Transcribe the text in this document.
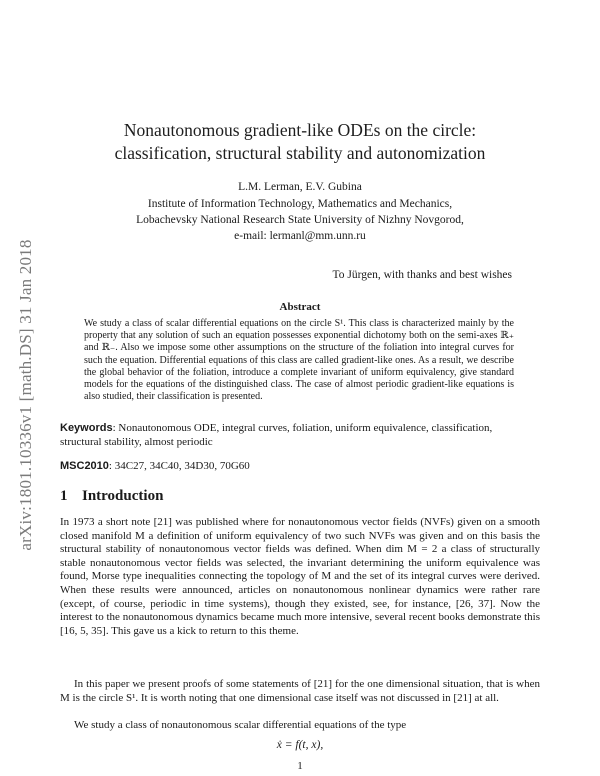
arXiv:1801.10336v1 [math.DS] 31 Jan 2018
Nonautonomous gradient-like ODEs on the circle:
classification, structural stability and autonomization
L.M. Lerman, E.V. Gubina
Institute of Information Technology, Mathematics and Mechanics,
Lobachevsky National Research State University of Nizhny Novgorod,
e-mail: lermanl@mm.unn.ru
To Jürgen, with thanks and best wishes
Abstract
We study a class of scalar differential equations on the circle S¹. This class is characterized mainly by the property that any solution of such an equation possesses exponential dichotomy both on the semi-axes ℝ₊ and ℝ₋. Also we impose some other assumptions on the structure of the foliation into integral curves for such the equation. Differential equations of this class are called gradient-like ones. As a result, we describe the global behavior of the foliation, introduce a complete invariant of uniform equivalency, give standard models for the equations of the distinguished class. The case of almost periodic gradient-like equations is also studied, their classification is presented.
Keywords: Nonautonomous ODE, integral curves, foliation, uniform equivalence, classification, structural stability, almost periodic
MSC2010: 34C27, 34C40, 34D30, 70G60
1 Introduction
In 1973 a short note [21] was published where for nonautonomous vector fields (NVFs) given on a smooth closed manifold M a definition of uniform equivalency of two such NVFs was given and on this basis the structural stability of nonautonomous vector fields was defined. When dim M = 2 a class of structurally stable nonautonomous vector fields was selected, the invariant determining the uniform equivalence was found, Morse type inequalities connecting the topology of M and the set of its integral curves were derived. When these results were announced, articles on nonautonomous nonlinear dynamics were rather rare (except, of course, periodic in time systems), though they existed, see, for instance, [26, 37]. Now the interest to the nonautonomous dynamics became much more intensive, several recent books demonstrate this [16, 5, 35]. This gave us a kick to return to this theme.
In this paper we present proofs of some statements of [21] for the one dimensional situation, that is when M is the circle S¹. It is worth noting that one dimensional case itself was not discussed in [21] at all.
We study a class of nonautonomous scalar differential equations of the type
ẋ = f(t, x),
1
